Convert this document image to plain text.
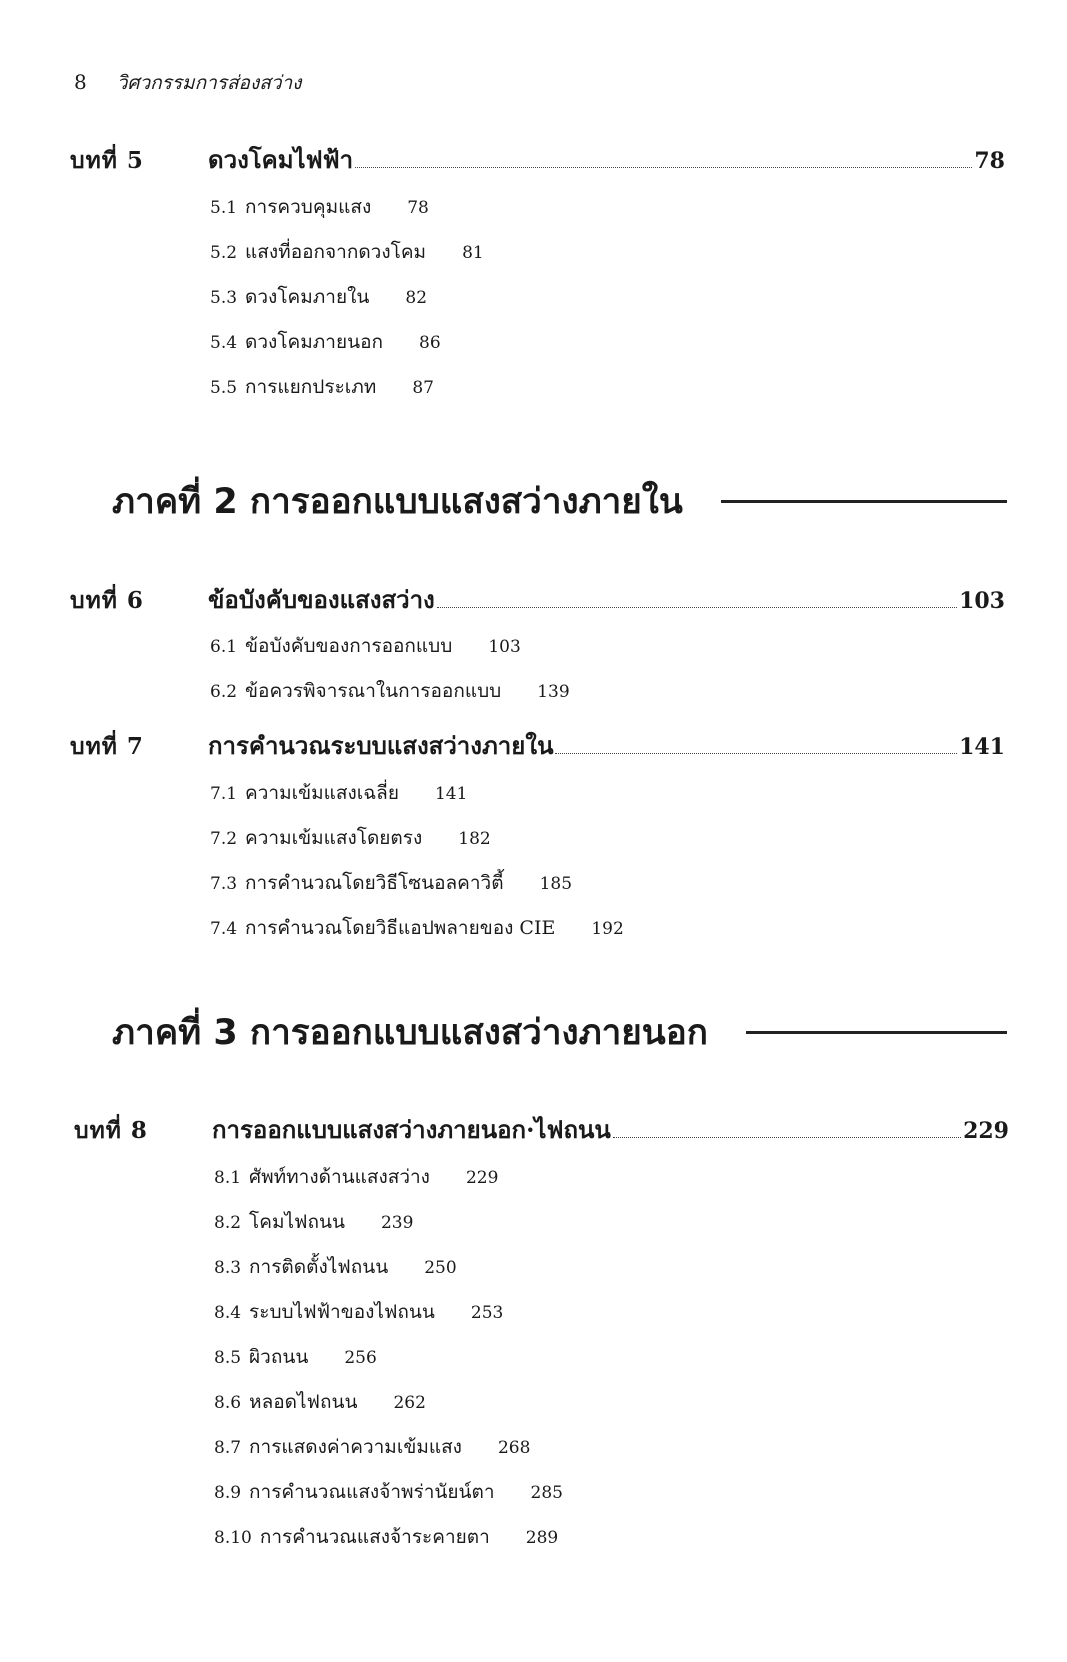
8 วิศวกรรมการส่องสว่าง
บทที่ 5	ดวงโคมไฟฟ้า	78
5.1 การควบคุมแสง 78
5.2 แสงที่ออกจากดวงโคม 81
5.3 ดวงโคมภายใน 82
5.4 ดวงโคมภายนอก 86
5.5 การแยกประเภท 87
ภาคที่ 2 การออกแบบแสงสว่างภายใน
บทที่ 6	ข้อบังคับของแสงสว่าง	103
6.1 ข้อบังคับของการออกแบบ 103
6.2 ข้อควรพิจารณาในการออกแบบ 139
บทที่ 7	การคำนวณระบบแสงสว่างภายใน	141
7.1 ความเข้มแสงเฉลี่ย 141
7.2 ความเข้มแสงโดยตรง 182
7.3 การคำนวณโดยวิธีโซนอลคาวิตี้ 185
7.4 การคำนวณโดยวิธีแอปพลายของ CIE 192
ภาคที่ 3 การออกแบบแสงสว่างภายนอก
บทที่ 8	การออกแบบแสงสว่างภายนอก·ไฟถนน	229
8.1 ศัพท์ทางด้านแสงสว่าง 229
8.2 โคมไฟถนน 239
8.3 การติดตั้งไฟถนน 250
8.4 ระบบไฟฟ้าของไฟถนน 253
8.5 ผิวถนน 256
8.6 หลอดไฟถนน 262
8.7 การแสดงค่าความเข้มแสง 268
8.9 การคำนวณแสงจ้าพร่านัยน์ตา 285
8.10 การคำนวณแสงจ้าระคายตา 289
